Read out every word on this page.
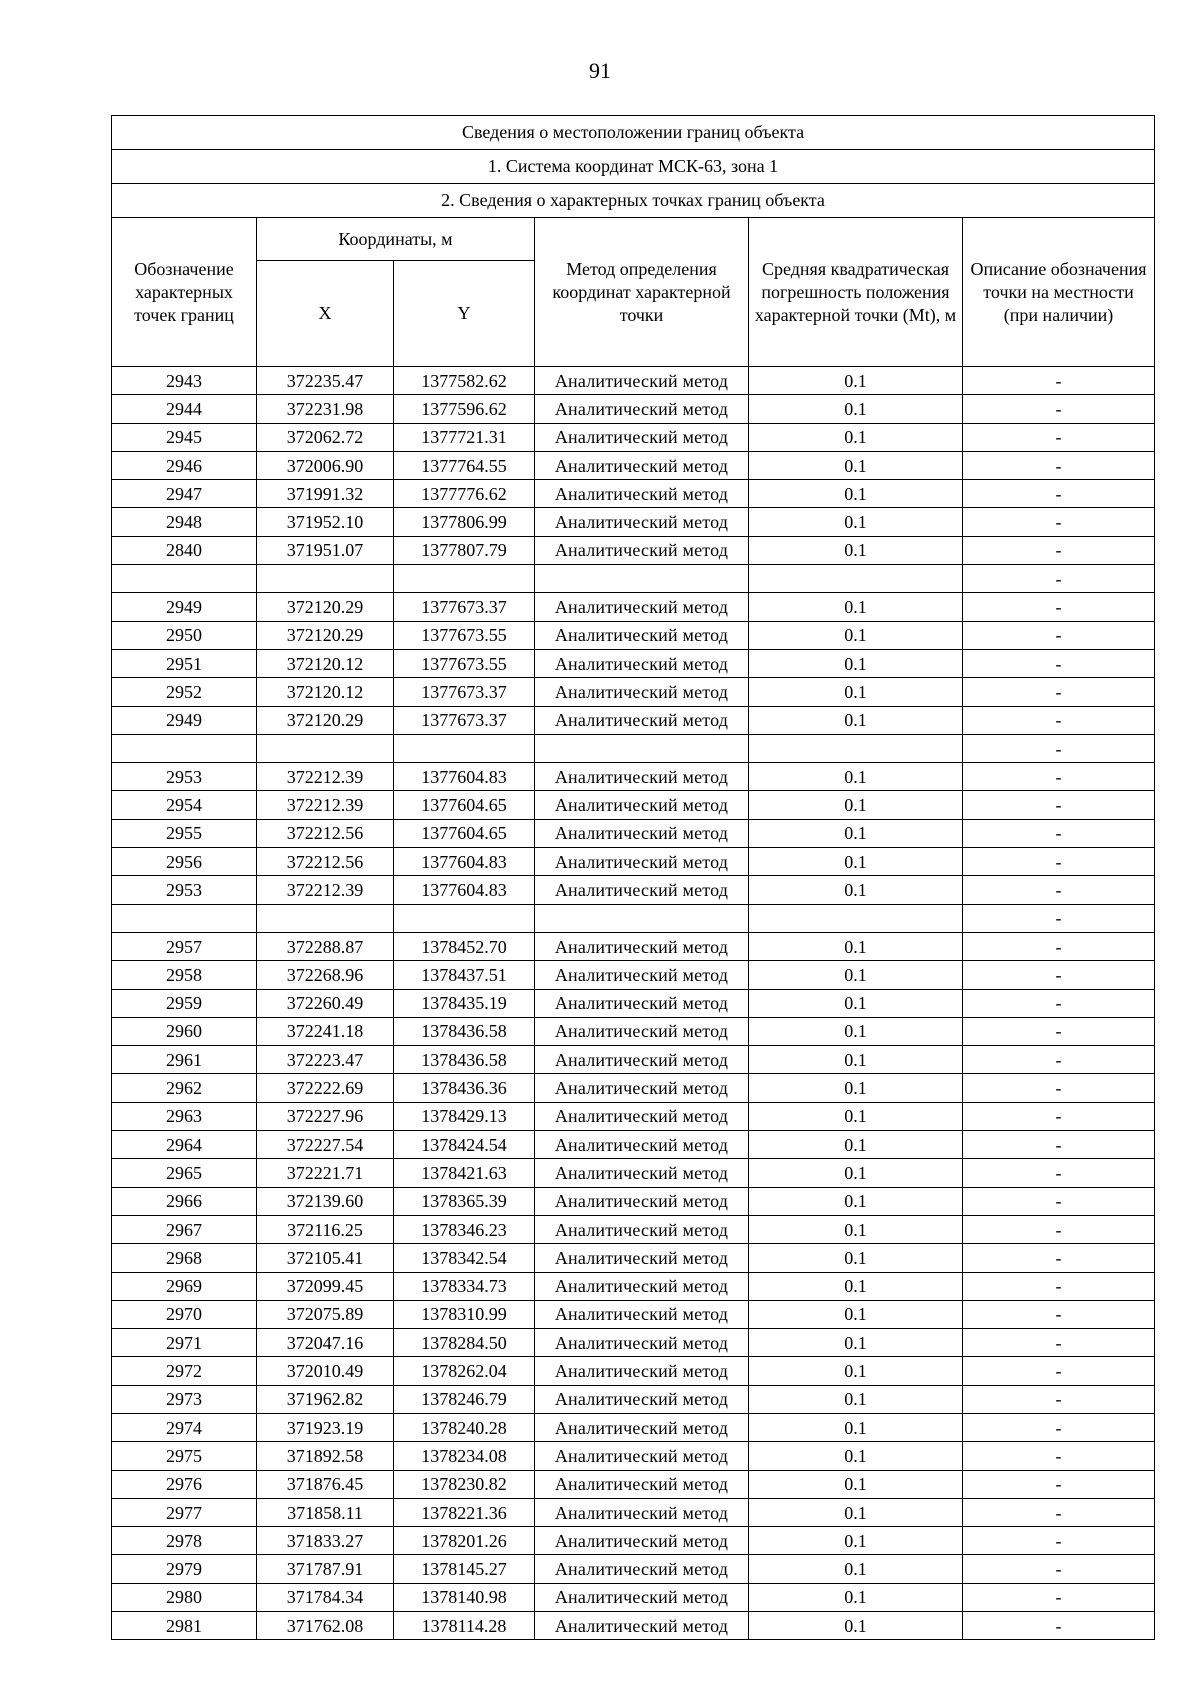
91
Сведения о местоположении границ объекта					
1. Система координат МСК-63, зона 1					
2. Сведения о характерных точках границ объекта					
Обозначение характерных точек границ	Координаты, м		Метод определения координат характерной точки	Средняя квадратическая погрешность положения характерной точки (Mt), м	Описание обозначения точки на местности (при наличии)
	X	Y			
2943	372235.47	1377582.62	Аналитический метод	0.1	-
2944	372231.98	1377596.62	Аналитический метод	0.1	-
2945	372062.72	1377721.31	Аналитический метод	0.1	-
2946	372006.90	1377764.55	Аналитический метод	0.1	-
2947	371991.32	1377776.62	Аналитический метод	0.1	-
2948	371952.10	1377806.99	Аналитический метод	0.1	-
2840	371951.07	1377807.79	Аналитический метод	0.1	-
					-
2949	372120.29	1377673.37	Аналитический метод	0.1	-
2950	372120.29	1377673.55	Аналитический метод	0.1	-
2951	372120.12	1377673.55	Аналитический метод	0.1	-
2952	372120.12	1377673.37	Аналитический метод	0.1	-
2949	372120.29	1377673.37	Аналитический метод	0.1	-
					-
2953	372212.39	1377604.83	Аналитический метод	0.1	-
2954	372212.39	1377604.65	Аналитический метод	0.1	-
2955	372212.56	1377604.65	Аналитический метод	0.1	-
2956	372212.56	1377604.83	Аналитический метод	0.1	-
2953	372212.39	1377604.83	Аналитический метод	0.1	-
					-
2957	372288.87	1378452.70	Аналитический метод	0.1	-
2958	372268.96	1378437.51	Аналитический метод	0.1	-
2959	372260.49	1378435.19	Аналитический метод	0.1	-
2960	372241.18	1378436.58	Аналитический метод	0.1	-
2961	372223.47	1378436.58	Аналитический метод	0.1	-
2962	372222.69	1378436.36	Аналитический метод	0.1	-
2963	372227.96	1378429.13	Аналитический метод	0.1	-
2964	372227.54	1378424.54	Аналитический метод	0.1	-
2965	372221.71	1378421.63	Аналитический метод	0.1	-
2966	372139.60	1378365.39	Аналитический метод	0.1	-
2967	372116.25	1378346.23	Аналитический метод	0.1	-
2968	372105.41	1378342.54	Аналитический метод	0.1	-
2969	372099.45	1378334.73	Аналитический метод	0.1	-
2970	372075.89	1378310.99	Аналитический метод	0.1	-
2971	372047.16	1378284.50	Аналитический метод	0.1	-
2972	372010.49	1378262.04	Аналитический метод	0.1	-
2973	371962.82	1378246.79	Аналитический метод	0.1	-
2974	371923.19	1378240.28	Аналитический метод	0.1	-
2975	371892.58	1378234.08	Аналитический метод	0.1	-
2976	371876.45	1378230.82	Аналитический метод	0.1	-
2977	371858.11	1378221.36	Аналитический метод	0.1	-
2978	371833.27	1378201.26	Аналитический метод	0.1	-
2979	371787.91	1378145.27	Аналитический метод	0.1	-
2980	371784.34	1378140.98	Аналитический метод	0.1	-
2981	371762.08	1378114.28	Аналитический метод	0.1	-
